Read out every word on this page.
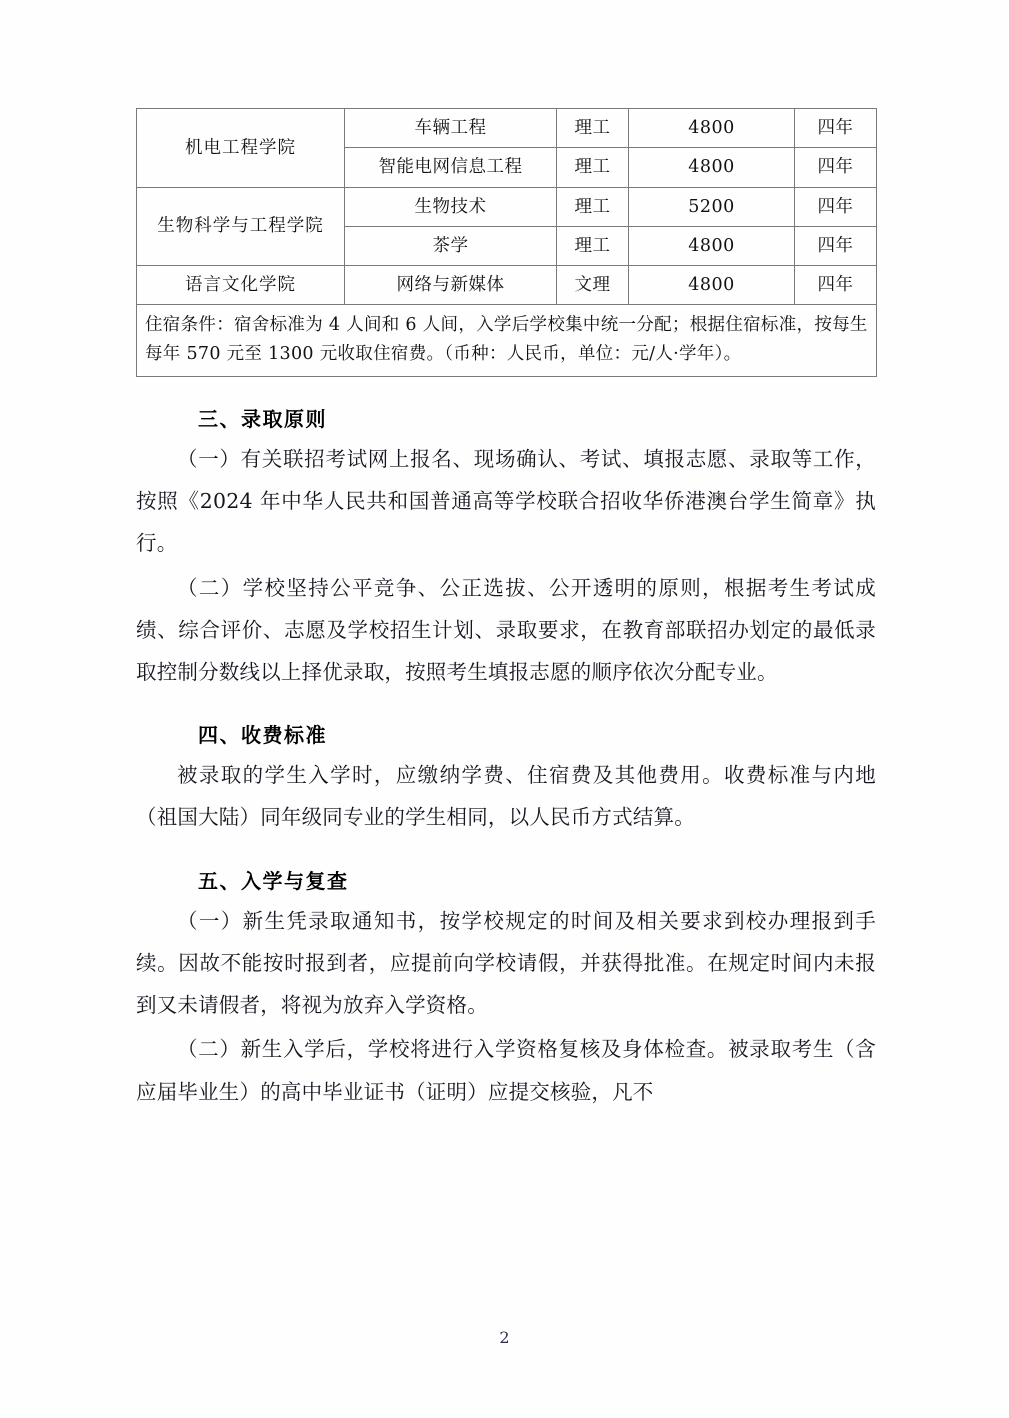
机电工程学院	车辆工程	理工	4800	四年
	智能电网信息工程	理工	4800	四年
生物科学与工程学院	生物技术	理工	5200	四年
	茶学	理工	4800	四年
语言文化学院	网络与新媒体	文理	4800	四年
住宿条件：宿舍标准为 4 人间和 6 人间，入学后学校集中统一分配；根据住宿标准，按每生每年 570 元至 1300 元收取住宿费。（币种：人民币，单位：元/人·学年）。				
三、录取原则

（一）有关联招考试网上报名、现场确认、考试、填报志愿、录取等工作，按照《2024 年中华人民共和国普通高等学校联合招收华侨港澳台学生简章》执行。

（二）学校坚持公平竞争、公正选拔、公开透明的原则，根据考生考试成绩、综合评价、志愿及学校招生计划、录取要求，在教育部联招办划定的最低录取控制分数线以上择优录取，按照考生填报志愿的顺序依次分配专业。

四、收费标准

被录取的学生入学时，应缴纳学费、住宿费及其他费用。收费标准与内地（祖国大陆）同年级同专业的学生相同，以人民币方式结算。

五、入学与复查

（一）新生凭录取通知书，按学校规定的时间及相关要求到校办理报到手续。因故不能按时报到者，应提前向学校请假，并获得批准。在规定时间内未报到又未请假者，将视为放弃入学资格。

（二）新生入学后，学校将进行入学资格复核及身体检查。被录取考生（含应届毕业生）的高中毕业证书（证明）应提交核验，凡不

2
